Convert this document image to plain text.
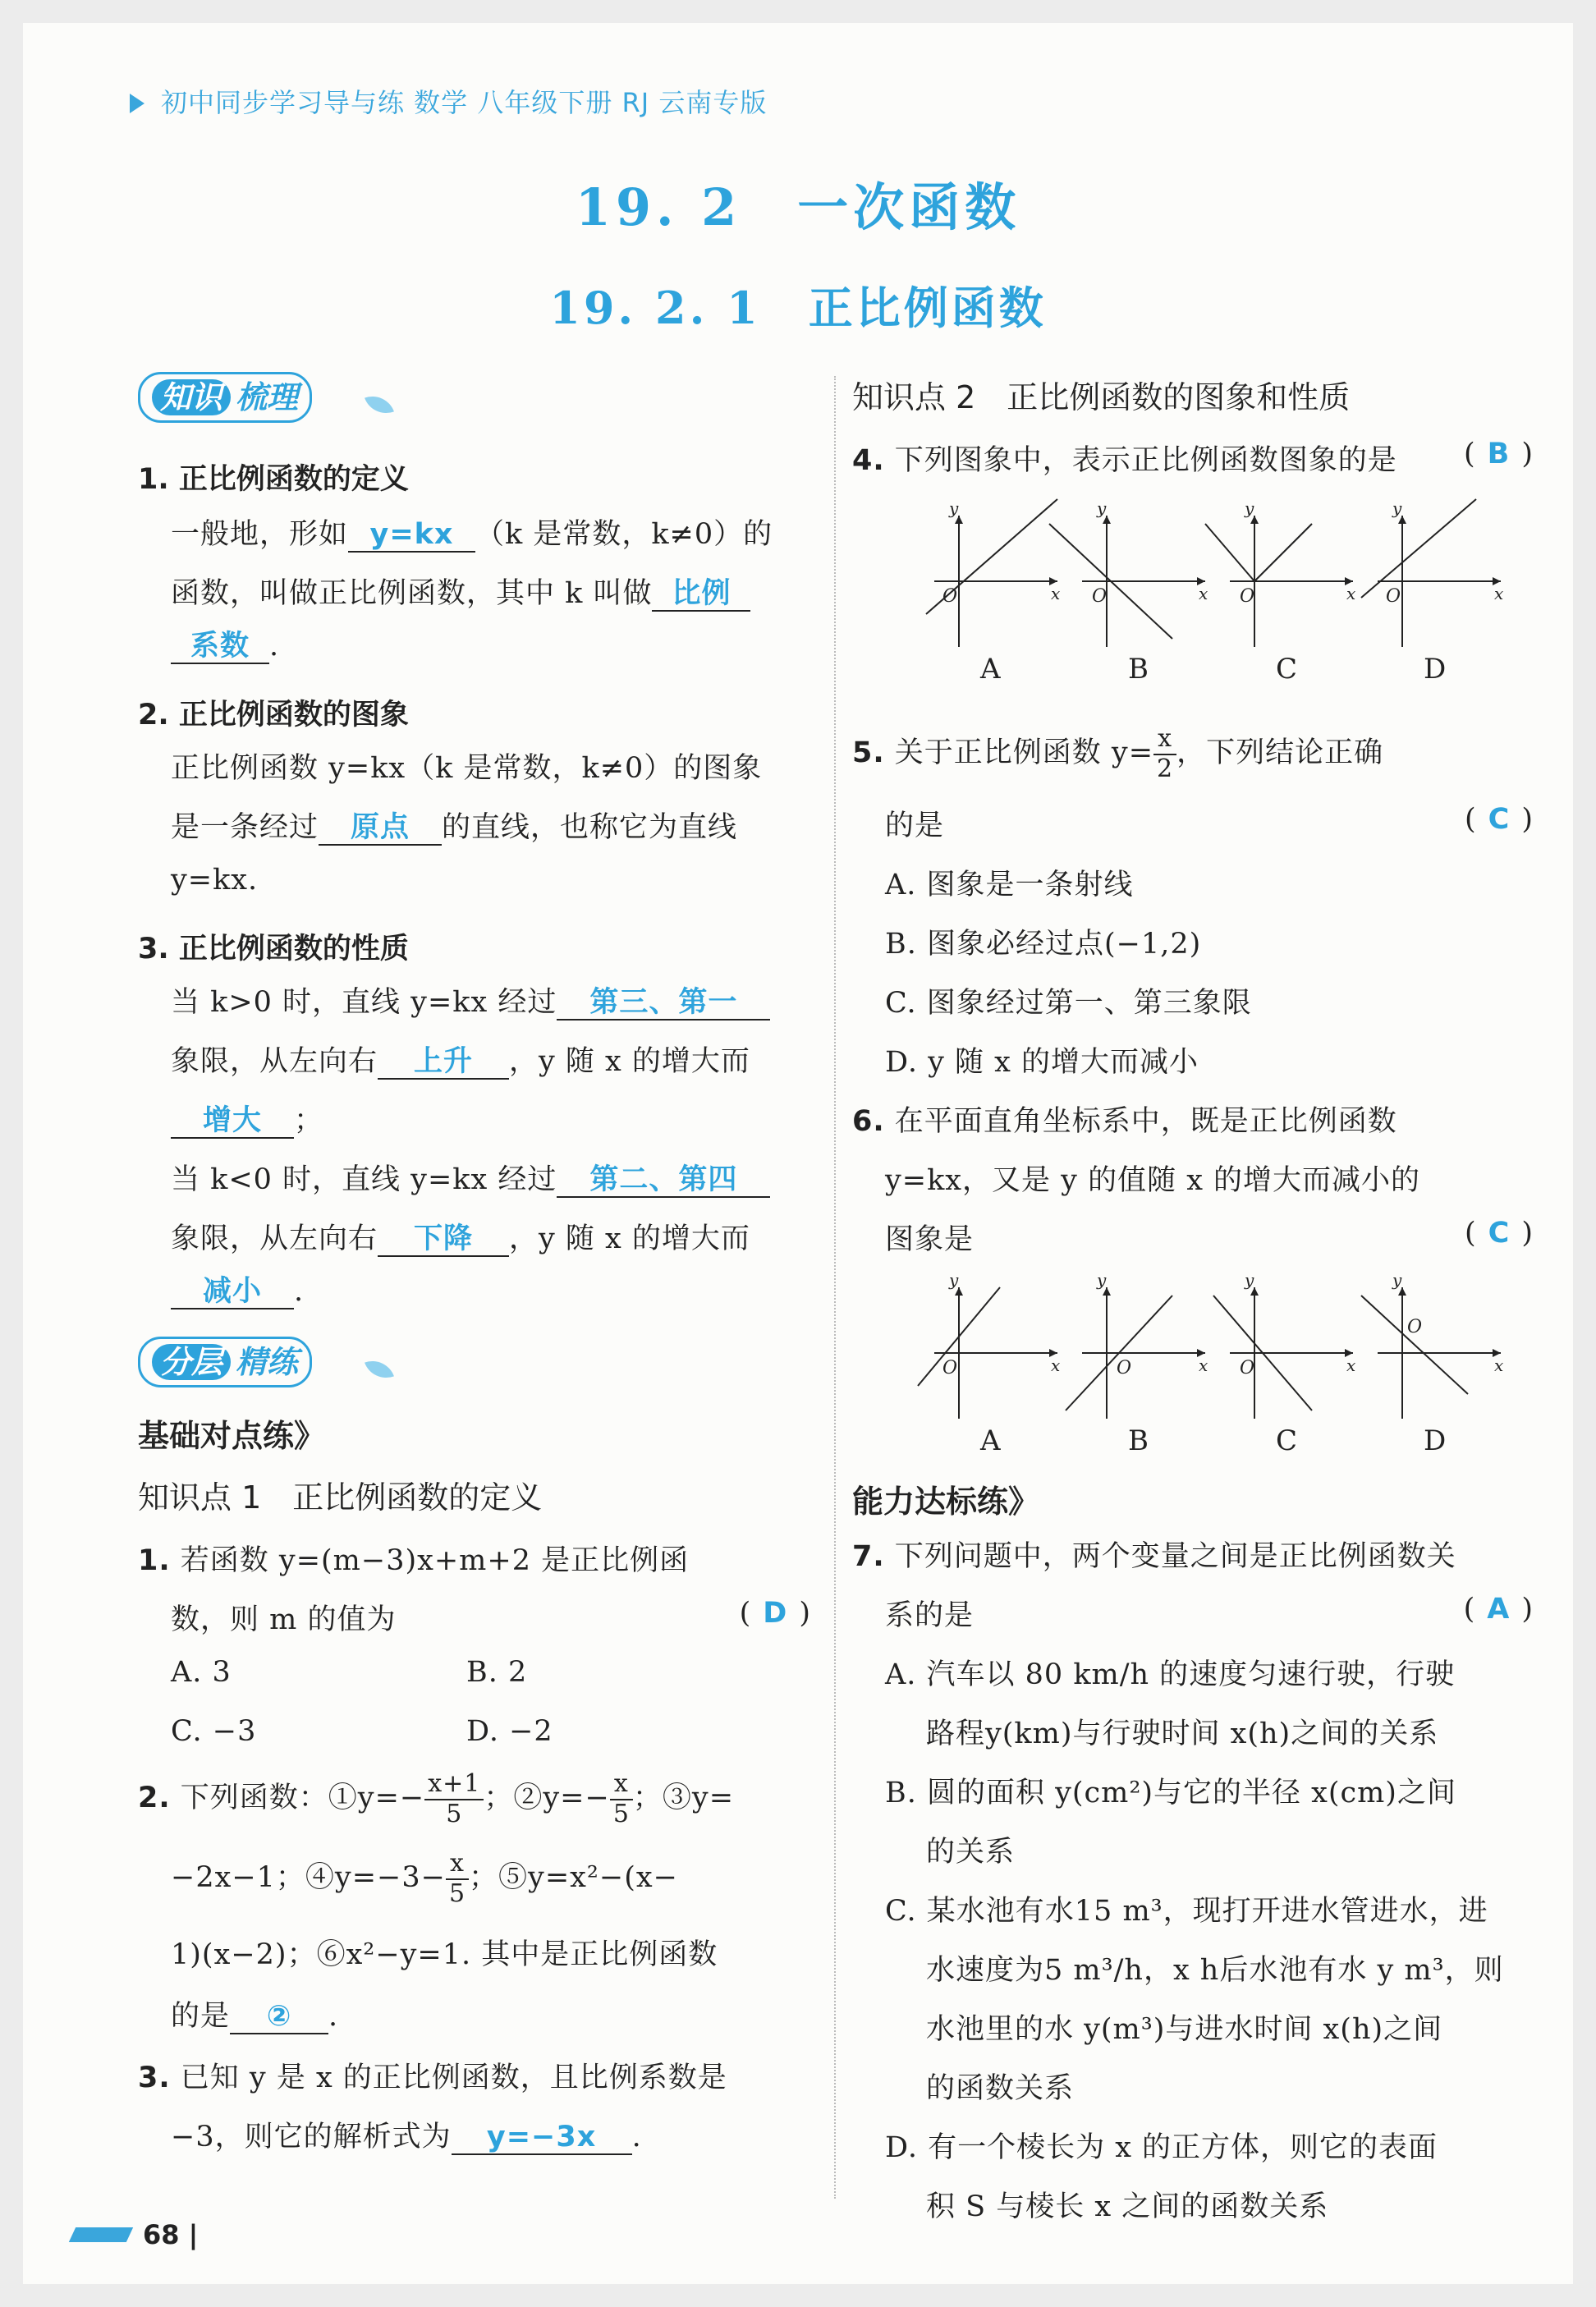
初中同步学习导与练 数学 八年级下册 RJ 云南专版
19. 2　一次函数
19. 2. 1　正比例函数
知识 梳理
1. 正比例函数的定义
一般地，形如 y=kx （k 是常数，k≠0）的
函数，叫做正比例函数，其中 k 叫做 比例
系数 .
2. 正比例函数的图象
正比例函数 y=kx（k 是常数，k≠0）的图象
是一条经过 原点 的直线，也称它为直线
y=kx.
3. 正比例函数的性质
当 k>0 时，直线 y=kx 经过 第三、第一
象限，从左向右 上升 ，y 随 x 的增大而
增大 ；
当 k<0 时，直线 y=kx 经过 第二、第四
象限，从左向右 下降 ，y 随 x 的增大而
减小 .
分层 精练
基础对点练》
知识点 1　正比例函数的定义
1. 若函数 y=(m−3)x+m+2 是正比例函
数，则 m 的值为	( D )
A. 3	B. 2
C. −3	D. −2
2. 下列函数：①y=− $\frac{x+1}{5}$ ；②y=− $\frac{x}{5}$ ；③y=
−2x−1；④y=−3− $\frac{x}{5}$ ；⑤y=x²−(x−
1)(x−2)；⑥x²−y=1. 其中是正比例函数
的是 ② .
3. 已知 y 是 x 的正比例函数，且比例系数是
−3，则它的解析式为 y=−3x .
知识点 2　正比例函数的图象和性质
4. 下列图象中，表示正比例函数图象的是 ( B )
y
x
O
A
y
x
O
B
y
x
O
C
y
x
O
D
5. 关于正比例函数 $y= \frac{x}{2}$ ，下列结论正确
的是	( C )
A. 图象是一条射线
B. 图象必经过点(−1,2)
C. 图象经过第一、第三象限
D. y 随 x 的增大而减小
6. 在平面直角坐标系中，既是正比例函数
y=kx，又是 y 的值随 x 的增大而减小的
图象是	( C )
y
x
O
A
y
x
O
B
y
x
O
C
y
x
O
D
能力达标练》
7. 下列问题中，两个变量之间是正比例函数关
系的是	( A )
A. 汽车以 80 km/h 的速度匀速行驶，行驶
路程y(km)与行驶时间 x(h)之间的关系
B. 圆的面积 y(cm²)与它的半径 x(cm)之间
的关系
C. 某水池有水15 m³，现打开进水管进水，进
水速度为5 m³/h，x h后水池有水 y m³，则
水池里的水 y(m³)与进水时间 x(h)之间
的函数关系
D. 有一个棱长为 x 的正方体，则它的表面
积 S 与棱长 x 之间的函数关系
68 |
